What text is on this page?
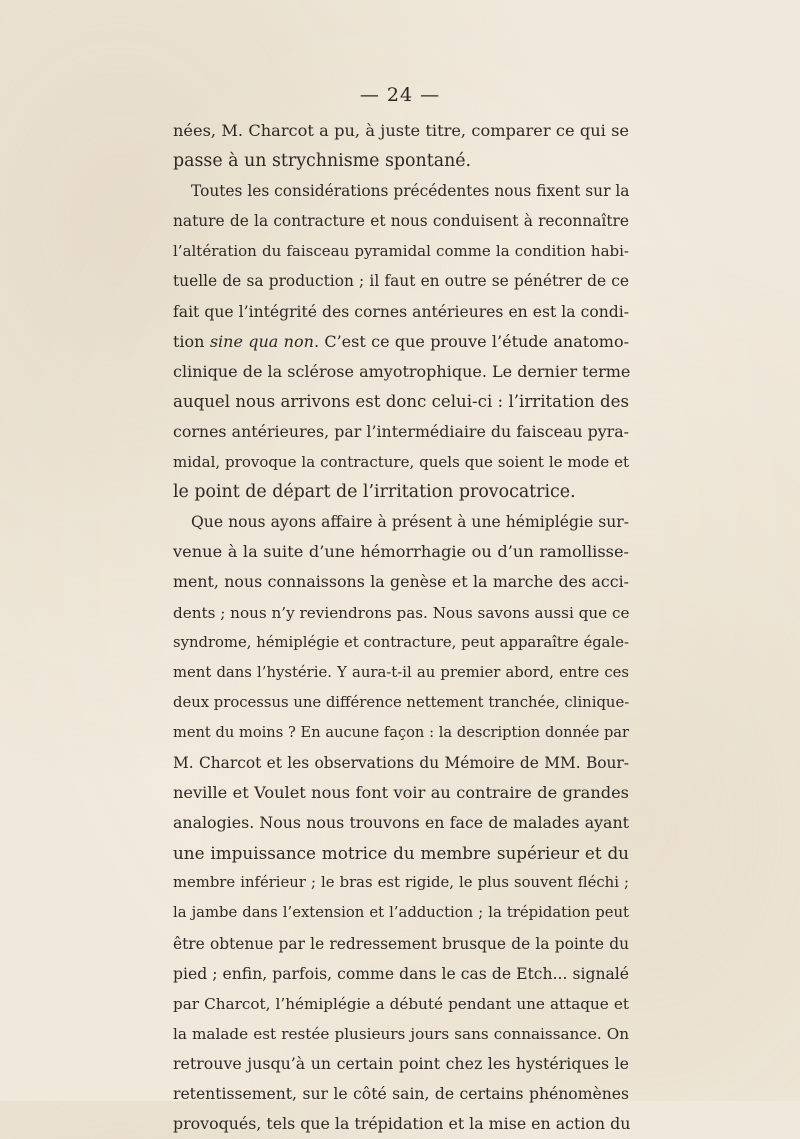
— 24 —
nées, M. Charcot a pu, à juste titre, comparer ce qui se
passe à un strychnisme spontané.
Toutes les considérations précédentes nous fixent sur la
nature de la contracture et nous conduisent à reconnaître
l’altération du faisceau pyramidal comme la condition habi-
tuelle de sa production ; il faut en outre se pénétrer de ce
fait que l’intégrité des cornes antérieures en est la condi-
tion sine qua non. C’est ce que prouve l’étude anatomo-
clinique de la sclérose amyotrophique. Le dernier terme
auquel nous arrivons est donc celui-ci : l’irritation des
cornes antérieures, par l’intermédiaire du faisceau pyra-
midal, provoque la contracture, quels que soient le mode et
le point de départ de l’irritation provocatrice.
Que nous ayons affaire à présent à une hémiplégie sur-
venue à la suite d’une hémorrhagie ou d’un ramollisse-
ment, nous connaissons la genèse et la marche des acci-
dents ; nous n’y reviendrons pas. Nous savons aussi que ce
syndrome, hémiplégie et contracture, peut apparaître égale-
ment dans l’hystérie. Y aura-t-il au premier abord, entre ces
deux processus une différence nettement tranchée, clinique-
ment du moins ? En aucune façon : la description donnée par
M. Charcot et les observations du Mémoire de MM. Bour-
neville et Voulet nous font voir au contraire de grandes
analogies. Nous nous trouvons en face de malades ayant
une impuissance motrice du membre supérieur et du
membre inférieur ; le bras est rigide, le plus souvent fléchi ;
la jambe dans l’extension et l’adduction ; la trépidation peut
être obtenue par le redressement brusque de la pointe du
pied ; enfin, parfois, comme dans le cas de Etch... signalé
par Charcot, l’hémiplégie a débuté pendant une attaque et
la malade est restée plusieurs jours sans connaissance. On
retrouve jusqu’à un certain point chez les hystériques le
retentissement, sur le côté sain, de certains phénomènes
provoqués, tels que la trépidation et la mise en action du
